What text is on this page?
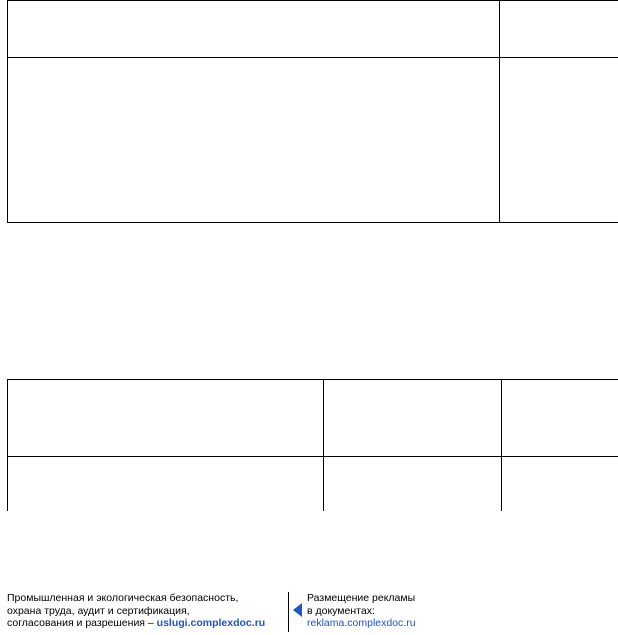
Промышленная и экологическая безопасность,
охрана труда, аудит и сертификация,
согласования и разрешения – uslugi.complexdoc.ru
Размещение рекламы
в документах:
reklama.complexdoc.ru
